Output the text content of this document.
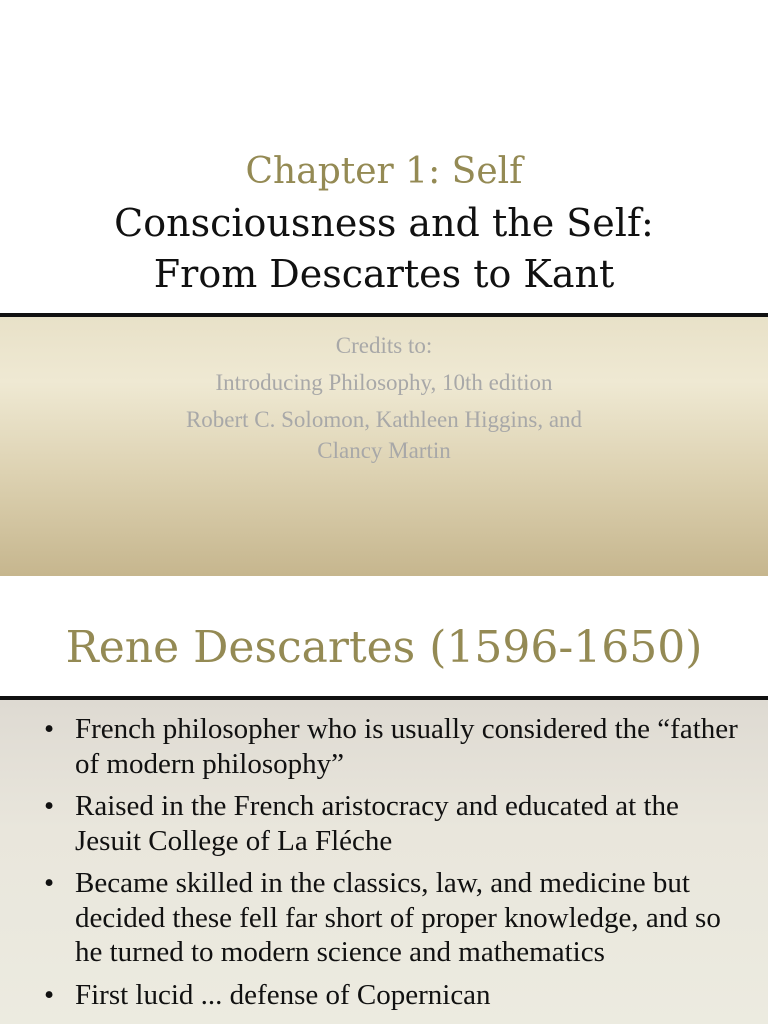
Chapter 1: Self
Consciousness and the Self:
From Descartes to Kant
Credits to:
Introducing Philosophy, 10th edition
Robert C. Solomon, Kathleen Higgins, and
Clancy Martin
Rene Descartes (1596-1650)
• French philosopher who is usually considered the “father of modern philosophy”
• Raised in the French aristocracy and educated at the Jesuit College of La Fléche
• Became skilled in the classics, law, and medicine but decided these fell far short of proper knowledge, and so he turned to modern science and mathematics
• First lucid ... defense of Copernican
